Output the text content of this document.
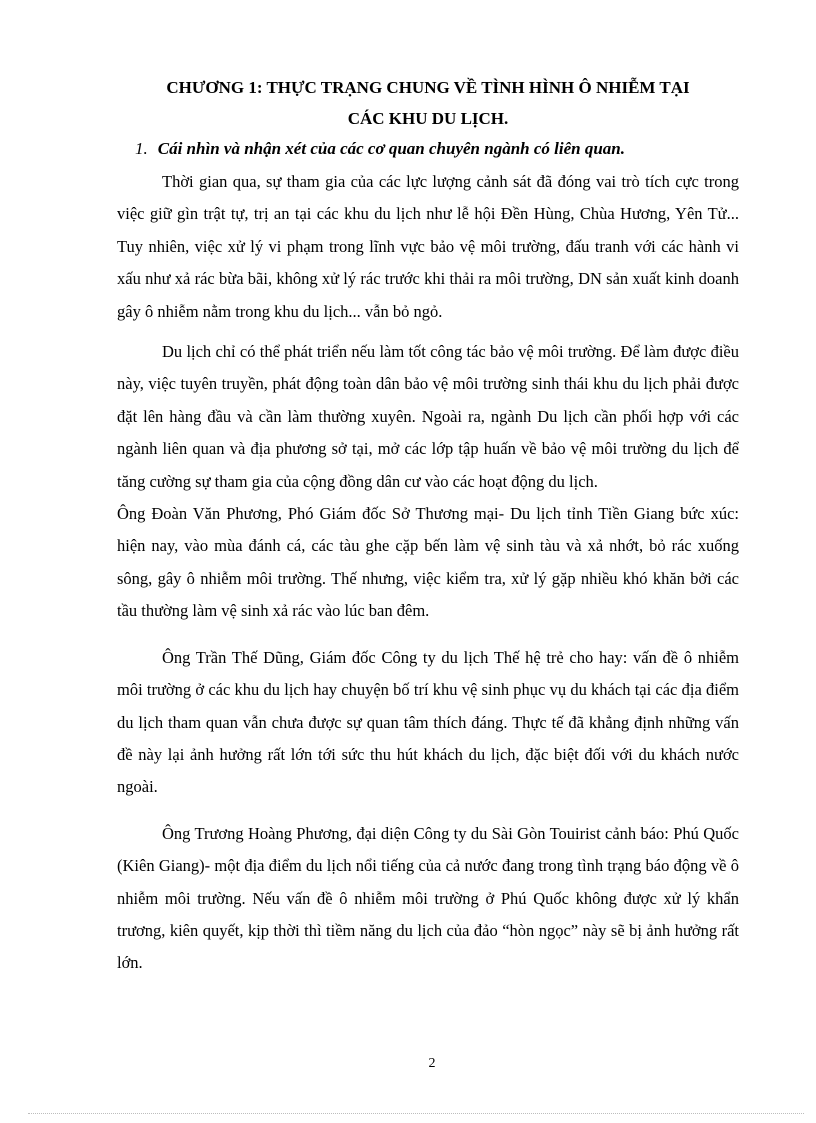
CHƯƠNG 1: THỰC TRẠNG CHUNG VỀ TÌNH HÌNH Ô NHIỄM TẠI
CÁC KHU DU LỊCH.
1. Cái nhìn và nhận xét của các cơ quan chuyên ngành có liên quan.

Thời gian qua, sự tham gia của các lực lượng cảnh sát đã đóng vai trò tích cực trong việc giữ gìn trật tự, trị an tại các khu du lịch như lễ hội Đền Hùng, Chùa Hương, Yên Tử... Tuy nhiên, việc xử lý vi phạm trong lĩnh vực bảo vệ môi trường, đấu tranh với các hành vi xấu như xả rác bừa bãi, không xử lý rác trước khi thải ra môi trường, DN sản xuất kinh doanh gây ô nhiễm nằm trong khu du lịch... vẫn bỏ ngỏ.

Du lịch chỉ có thể phát triển nếu làm tốt công tác bảo vệ môi trường. Để làm được điều này, việc tuyên truyền, phát động toàn dân bảo vệ môi trường sinh thái khu du lịch phải được đặt lên hàng đầu và cần làm thường xuyên. Ngoài ra, ngành Du lịch cần phối hợp với các ngành liên quan và địa phương sở tại, mở các lớp tập huấn về bảo vệ môi trường du lịch để tăng cường sự tham gia của cộng đồng dân cư vào các hoạt động du lịch.

Ông Đoàn Văn Phương, Phó Giám đốc Sở Thương mại- Du lịch tỉnh Tiền Giang bức xúc: hiện nay, vào mùa đánh cá, các tàu ghe cặp bến làm vệ sinh tàu và xả nhớt, bỏ rác xuống sông, gây ô nhiễm môi trường. Thế nhưng, việc kiểm tra, xử lý gặp nhiều khó khăn bởi các tầu thường làm vệ sinh xả rác vào lúc ban đêm.

Ông Trần Thế Dũng, Giám đốc Công ty du lịch Thế hệ trẻ cho hay: vấn đề ô nhiễm môi trường ở các khu du lịch hay chuyện bố trí khu vệ sinh phục vụ du khách tại các địa điểm du lịch tham quan vẫn chưa được sự quan tâm thích đáng. Thực tế đã khẳng định những vấn đề này lại ảnh hưởng rất lớn tới sức thu hút khách du lịch, đặc biệt đối với du khách nước ngoài.

Ông Trương Hoàng Phương, đại diện Công ty du Sài Gòn Touirist cảnh báo: Phú Quốc (Kiên Giang)- một địa điểm du lịch nổi tiếng của cả nước đang trong tình trạng báo động về ô nhiễm môi trường. Nếu vấn đề ô nhiễm môi trường ở Phú Quốc không được xử lý khẩn trương, kiên quyết, kịp thời thì tiềm năng du lịch của đảo “hòn ngọc” này sẽ bị ảnh hưởng rất lớn.

2
